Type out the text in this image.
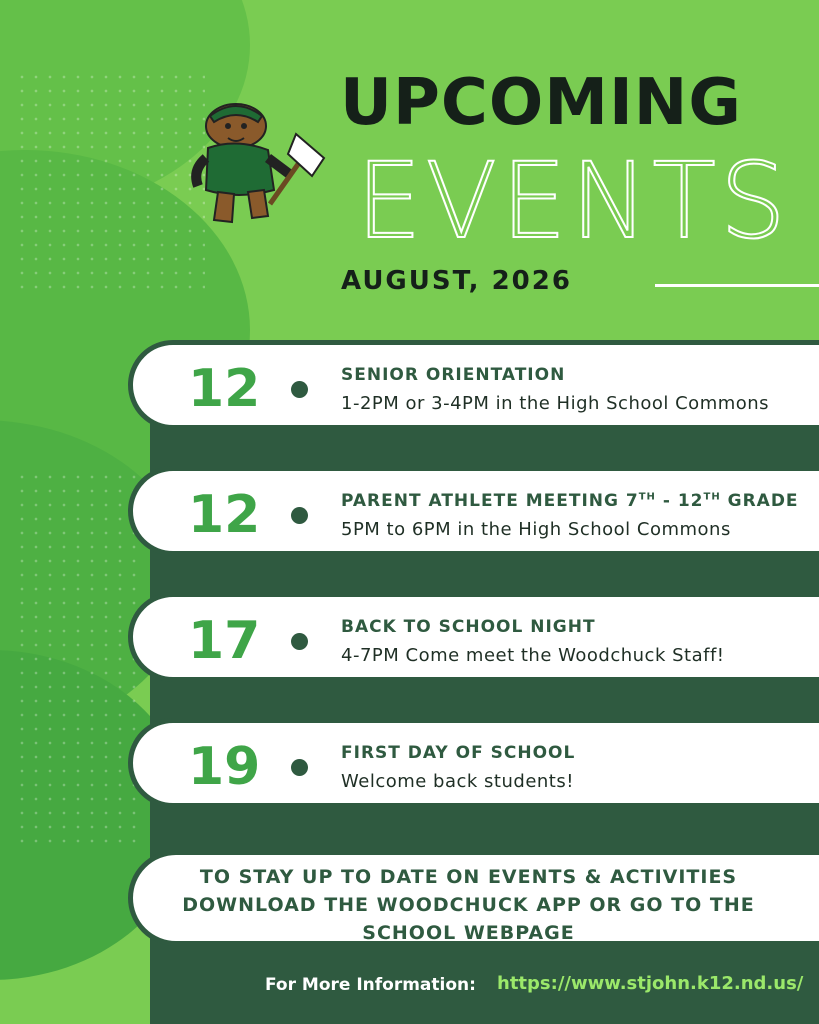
UPCOMING
EVENTS
AUGUST, 2026
12	SENIOR ORIENTATION
1-2PM or 3-4PM in the High School Commons
12	PARENT ATHLETE MEETING 7TH - 12TH GRADE
5PM to 6PM in the High School Commons
17	BACK TO SCHOOL NIGHT
4-7PM Come meet the Woodchuck Staff!
19	FIRST DAY OF SCHOOL
Welcome back students!
TO STAY UP TO DATE ON EVENTS & ACTIVITIES
DOWNLOAD THE WOODCHUCK APP OR GO TO THE
SCHOOL WEBPAGE
For More Information: https://www.stjohn.k12.nd.us/
